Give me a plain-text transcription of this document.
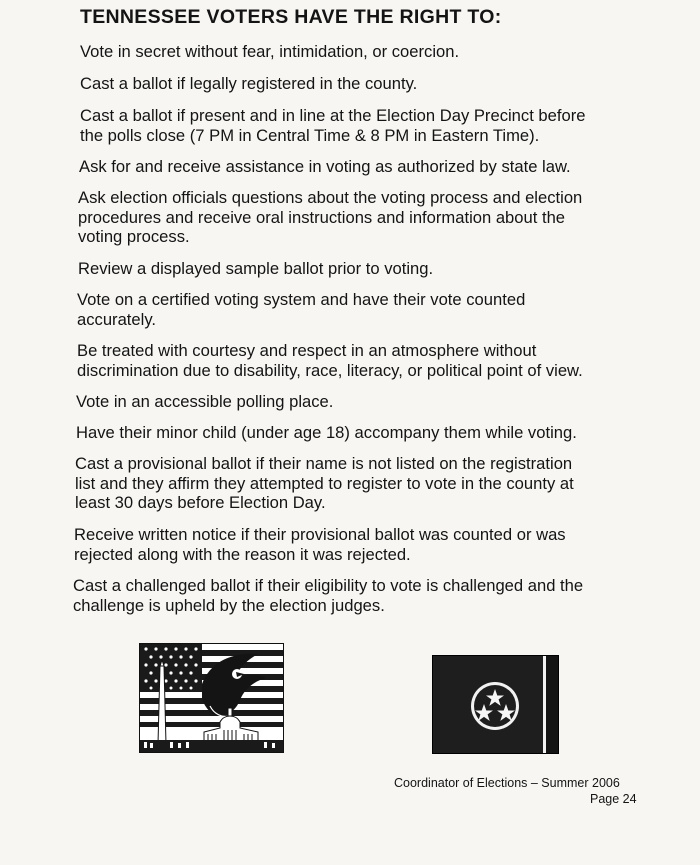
TENNESSEE VOTERS HAVE THE RIGHT TO:

Vote in secret without fear, intimidation, or coercion.

Cast a ballot if legally registered in the county.

Cast a ballot if present and in line at the Election Day Precinct before
the polls close (7 PM in Central Time & 8 PM in Eastern Time).

Ask for and receive assistance in voting as authorized by state law.

Ask election officials questions about the voting process and election
procedures and receive oral instructions and information about the
voting process.

Review a displayed sample ballot prior to voting.

Vote on a certified voting system and have their vote counted
accurately.

Be treated with courtesy and respect in an atmosphere without
discrimination due to disability, race, literacy, or political point of view.

Vote in an accessible polling place.

Have their minor child (under age 18) accompany them while voting.

Cast a provisional ballot if their name is not listed on the registration
list and they affirm they attempted to register to vote in the county at
least 30 days before Election Day.

Receive written notice if their provisional ballot was counted or was
rejected along with the reason it was rejected.

Cast a challenged ballot if their eligibility to vote is challenged and the
challenge is upheld by the election judges.

Coordinator of Elections – Summer 2006

Page 24
